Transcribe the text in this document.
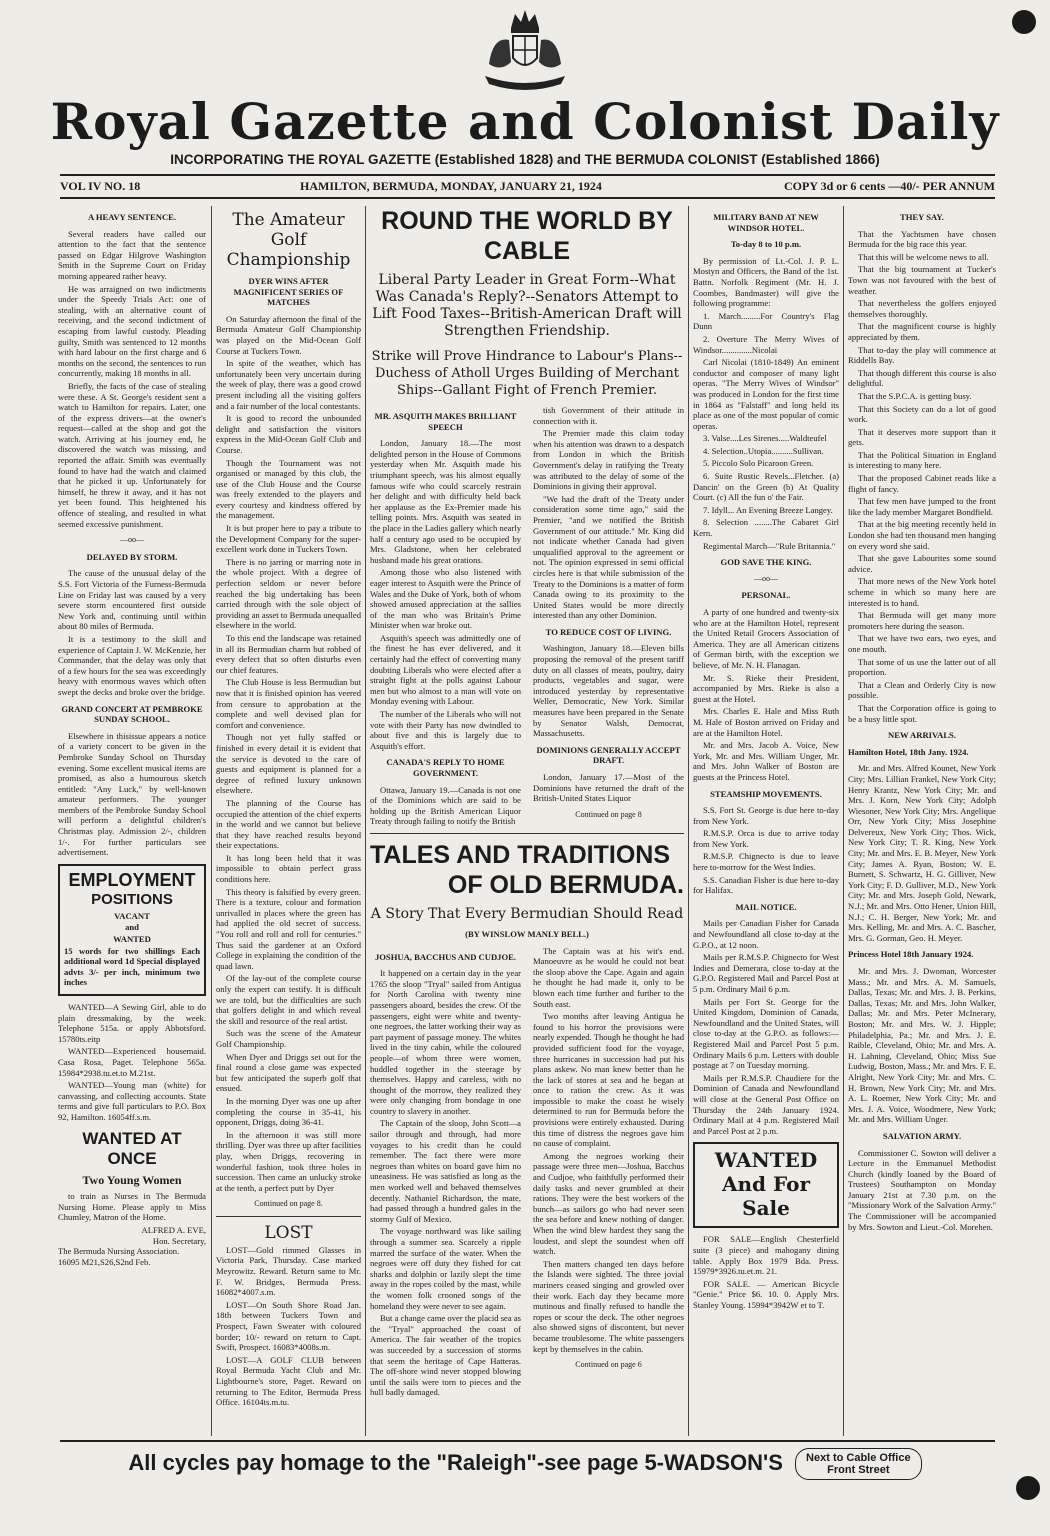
Royal Gazette and Colonist Daily
INCORPORATING THE ROYAL GAZETTE (Established 1828) and THE BERMUDA COLONIST (Established 1866)
VOL IV NO. 18	HAMILTON, BERMUDA, MONDAY, JANUARY 21, 1924	COPY 3d or 6 cents —40/- PER ANNUM
A HEAVY SENTENCE.

Several readers have called our attention to the fact that the sentence passed on Edgar Hilgrove Washington Smith in the Supreme Court on Friday morning appeared rather heavy.

He was arraigned on two indictments under the Speedy Trials Act: one of stealing, with an alternative count of receiving, and the second indictment of escaping from lawful custody. Pleading guilty, Smith was sentenced to 12 months with hard labour on the first charge and 6 months on the second, the sentences to run concurrently, making 18 months in all.

Briefly, the facts of the case of stealing were these. A St. George's resident sent a watch to Hamilton for repairs. Later, one of the express drivers—at the owner's request—called at the shop and got the watch. Arriving at his journey end, he discovered the watch was missing, and reported the affair. Smith was eventually found to have had the watch and claimed that he picked it up. Unfortunately for himself, he threw it away, and it has not yet been found. This heightened his offence of stealing, and resulted in what seemed excessive punishment.

—oo—
DELAYED BY STORM.

The cause of the unusual delay of the S.S. Fort Victoria of the Furness-Bermuda Line on Friday last was caused by a very severe storm encountered first outside New York and, continuing until within about 80 miles of Bermuda.

It is a testimony to the skill and experience of Captain J. W. McKenzie, her Commander, that the delay was only that of a few hours for the sea was exceedingly heavy with enormous waves which often swept the decks and broke over the bridge.

GRAND CONCERT AT PEMBROKE SUNDAY SCHOOL.

Elsewhere in thisissue appears a notice of a variety concert to be given in the Pembroke Sunday School on Thursday evening. Some excellent musical items are promised, as also a humourous sketch entitled: "Any Luck," by well-known amateur performers. The younger members of the Pembroke Sunday School will perform a delightful children's Christmas play. Admission 2/-, children 1/-. For further particulars see advertisement.

EMPLOYMENT
POSITIONS
VACANT
and
WANTED
15 words for two shillings Each additional word 1d Special displayed advts 3/- per inch, minimum two inches

WANTED—A Sewing Girl, able to do plain dressmaking, by the week. Telephone 515a. or apply Abbotsford. 15780ts.eitp

WANTED—Experienced housemaid. Casa Rosa, Paget. Telephone 565a. 15984*2938.tu.et.to M.21st.

WANTED—Young man (white) for canvassing, and collecting accounts. State terms and give full particulars to P.O. Box 92, Hamilton. 16054ff.s.m.

WANTED AT ONCE
Two Young Women

to train as Nurses in The Bermuda Nursing Home. Please apply to Miss Chumley, Matron of the Home.

ALFRED A. EVE,
Hon. Secretary,
The Bermuda Nursing Association.
16095 M21,S26,S2nd Feb.
The Amateur
Golf Championship
DYER WINS AFTER MAGNIFICENT SERIES OF MATCHES

On Saturday afternoon the final of the Bermuda Amateur Golf Championship was played on the Mid-Ocean Golf Course at Tuckers Town.

In spite of the weather, which has unfortunately been very uncertain during the week of play, there was a good crowd present including all the visiting golfers and a fair number of the local contestants.

It is good to record the unbounded delight and satisfaction the visitors express in the Mid-Ocean Golf Club and Course.

Though the Tournament was not organised or managed by this club, the use of the Club House and the Course was freely extended to the players and every courtesy and kindness offered by the management.

It is but proper here to pay a tribute to the Development Company for the super-excellent work done in Tuckers Town.

There is no jarring or marring note in the whole project. With a degree of perfection seldom or never before reached the big undertaking has been carried through with the sole object of providing an asset to Bermuda unequalled elsewhere in the world.

To this end the landscape was retained in all its Bermudian charm but robbed of every defect that so often disturbs even our chief features.

The Club House is less Bermudian but now that it is finished opinion has veered from censure to approbation at the complete and well devised plan for comfort and convenience.

Though not yet fully staffed or finished in every detail it is evident that the service is devoted to the care of guests and equipment is planned for a degree of refined luxury unknown elsewhere.

The planning of the Course has occupied the attention of the chief experts in the world and we cannot but believe that they have reached results beyond their expectations.

It has long been held that it was impossible to obtain perfect grass conditions here.

This theory is falsified by every green. There is a texture, colour and formation unrivalled in places where the green has had applied the old secret of success. "You roll and roll and roll for centuries." Thus said the gardener at an Oxford College in explaining the condition of the quad lawn.

Of the lay-out of the complete course only the expert can testify. It is difficult we are told, but the difficulties are such that golfers delight in and which reveal the skill and resource of the real artist.

Such was the scene of the Amateur Golf Championship.

When Dyer and Driggs set out for the final round a close game was expected but few anticipated the superb golf that ensued.

In the morning Dyer was one up after completing the course in 35-41, his opponent, Driggs, doing 36-41.

In the afternoon it was still more thrilling. Dyer was three up after facilities play, when Driggs, recovering in wonderful fashion, took three holes in succession. Then came an unlucky stroke at the tenth, a perfect putt by Dyer

Continued on page 8.
LOST

LOST—Gold rimmed Glasses in Victoria Park, Thursday. Case marked Meyrowitz. Reward. Return same to Mr. F. W. Bridges, Bermuda Press. 16082*4007.s.m.

LOST—On South Shore Road Jan. 18th between Tuckers Town and Prospect, Fawn Sweater with coloured border; 10/- reward on return to Capt. Swift, Prospect. 16083*4008s.m.

LOST—A GOLF CLUB between Royal Bermuda Yacht Club and Mr. Lightbourne's store, Paget. Reward on returning to The Editor, Bermuda Press Office. 16104ts.m.tu.

ROUND THE WORLD BY CABLE
Liberal Party Leader in Great Form--What Was Canada's Reply?--Senators Attempt to Lift Food Taxes--British-American Draft will Strengthen Friendship.
Strike will Prove Hindrance to Labour's Plans--Duchess of Atholl Urges Building of Merchant Ships--Gallant Fight of French Premier.
MR. ASQUITH MAKES BRILLIANT SPEECH

London, January 18.—The most delighted person in the House of Commons yesterday when Mr. Asquith made his triumphant speech, was his almost equally famous wife who could scarcely restrain her delight and with difficulty held back her applause as the Ex-Premier made his telling points. Mrs. Asquith was seated in the place in the Ladies gallery which nearly half a century ago used to be occupied by Mrs. Gladstone, when her celebrated husband made his great orations.

Among those who also listened with eager interest to Asquith were the Prince of Wales and the Duke of York, both of whom showed amused appreciation at the sallies of the man who was Britain's Prime Minister when war broke out.

Asquith's speech was admittedly one of the finest he has ever delivered, and it certainly had the effect of converting many doubting Liberals who were elected after a straight fight at the polls against Labour men but who almost to a man will vote on Monday evening with Labour.

The number of the Liberals who will not vote with their Party has now dwindled to about five and this is largely due to Asquith's effort.

CANADA'S REPLY TO HOME GOVERNMENT.

Ottawa, January 19.—Canada is not one of the Dominions which are said to be holding up the British American Liquor Treaty through failing to notify the British

tish Government of their attitude in connection with it.

The Premier made this claim today when his attention was drawn to a despatch from London in which the British Government's delay in ratifying the Treaty was attributed to the delay of some of the Dominions in giving their approval.

"We had the draft of the Treaty under consideration some time ago," said the Premier, "and we notified the British Government of our attitude." Mr. King did not indicate whether Canada had given unqualified approval to the agreement or not. The opinion expressed in semi official circles here is that while submission of the Treaty to the Dominions is a matter of form Canada owing to its proximity to the United States would be more directly interested than any other Dominion.

TO REDUCE COST OF LIVING.

Washington, January 18.—Eleven bills proposing the removal of the present tariff duty on all classes of meats, poultry, dairy products, vegetables and sugar, were introduced yesterday by representative Weller, Democratic, New York. Similar measures have been prepared in the Senate by Senator Walsh, Democrat, Massachusetts.

DOMINIONS GENERALLY ACCEPT DRAFT.

London, January 17.—Most of the Dominions have returned the draft of the British-United States Liquor

Continued on page 8
TALES AND TRADITIONS
OF OLD BERMUDA.
A Story That Every Bermudian Should Read
(BY WINSLOW MANLY BELL.)
JOSHUA, BACCHUS AND CUDJOE.

It happened on a certain day in the year 1765 the sloop "Tryal" sailed from Antigua for North Carolina with twenty nine passengers aboard, besides the crew. Of the passengers, eight were white and twenty-one negroes, the latter working their way as part payment of passage money. The whites lived in the tiny cabin, while the coloured people—of whom three were women, huddled together in the steerage by themselves. Happy and careless, with no thought of the morrow, they realized they were only changing from bondage in one country to slavery in another.

The Captain of the sloop, John Scott—a sailor through and through, had more voyages to his credit than he could remember. The fact there were more negroes than whites on board gave him no uneasiness. He was satisfied as long as the men worked well and behaved themselves decently. Nathaniel Richardson, the mate, had passed through a hundred gales in the stormy Gulf of Mexico.

The voyage northward was like sailing through a summer sea. Scarcely a ripple marred the surface of the water. When the negroes were off duty they fished for cat sharks and dolphin or lazily slept the time away in the ropes coiled by the mast, while the women folk crooned songs of the homeland they were never to see again.

But a change came over the placid sea as the "Tryal" approached the coast of America. The fair weather of the tropics was succeeded by a succession of storms that seem the heritage of Cape Hatteras. The off-shore wind never stopped blowing until the sails were torn to pieces and the hull badly damaged.

The Captain was at his wit's end. Manoeuvre as he would he could not beat the sloop above the Cape. Again and again he thought he had made it, only to be blown each time further and further to the South east.

Two months after leaving Antigua he found to his horror the provisions were nearly expended. Though he thought he had provided sufficient food for the voyage, three hurricanes in succession had put his plans askew. No man knew better than he the lack of stores at sea and he began at once to ration the crew. As it was impossible to make the coast he wisely determined to run for Bermuda before the provisions were entirely exhausted. During this time of distress the negroes gave him no cause of complaint.

Among the negroes working their passage were three men—Joshua, Bacchus and Cudjoe, who faithfully performed their daily tasks and never grumbled at their rations. They were the best workers of the bunch—as sailors go who had never seen the sea before and knew nothing of danger. When the wind blew hardest they sang the loudest, and slept the soundest when off watch.

Then matters changed ten days before the Islands were sighted. The three jovial mariners ceased singing and growled over their work. Each day they became more mutinous and finally refused to handle the ropes or scour the deck. The other negroes also showed signs of discontent, but never became troublesome. The white passengers kept by themselves in the cabin.

Continued on page 6
MILITARY BAND AT NEW WINDSOR HOTEL.
To-day 8 to 10 p.m.

By permission of Lt.-Col. J. P. L. Mostyn and Officers, the Band of the 1st. Battn. Norfolk Regiment (Mr. H. J. Coombes, Bandmaster) will give the following programme:

1. March.........For Country's Flag Dunn

2. Overture The Merry Wives of Windsor..............Nicolai

Carl Nicolai (1810-1849) An eminent conductor and composer of many light operas. "The Merry Wives of Windsor" was produced in London for the first time in 1864 as "Falstaff" and long held its place as one of the most popular of comic operas.

3. Valse....Les Sirenes.....Waldteufel

4. Selection..Utopia..........Sullivan.

5. Piccolo Solo Picaroon Green.

6. Suite Rustic Revels...Fletcher. (a) Dancin' on the Green (b) At Quality Court. (c) All the fun o' the Fair.

7. Idyll... An Evening Breeze Langey.

8. Selection ........The Cabaret Girl Kern.

Regimental March—"Rule Britannia."

GOD SAVE THE KING.
—oo—
PERSONAL.

A party of one hundred and twenty-six who are at the Hamilton Hotel, represent the United Retail Grocers Association of America. They are all American citizens of German birth, with the exception we believe, of Mr. N. H. Flanagan.

Mr. S. Rieke their President, accompanied by Mrs. Rieke is also a guest at the Hotel.

Mrs. Charles E. Hale and Miss Ruth M. Hale of Boston arrived on Friday and are at the Hamilton Hotel.

Mr. and Mrs. Jacob A. Voice, New York, Mr. and Mrs. William Unger, Mr. and Mrs. John Walker of Boston are guests at the Princess Hotel.

STEAMSHIP MOVEMENTS.

S.S. Fort St. George is due here to-day from New York.

R.M.S.P. Orca is due to arrive today from New York.

R.M.S.P. Chignecto is due to leave here to-morrow for the West Indies.

S.S. Canadian Fisher is due here to-day for Halifax.

MAIL NOTICE.

Mails per Canadian Fisher for Canada and Newfoundland all close to-day at the G.P.O., at 12 noon.

Mails per R.M.S.P. Chignecto for West Indies and Demerara, close to-day at the G.P.O. Registered Mail and Parcel Post at 5 p.m. Ordinary Mail 6 p.m.

Mails per Fort St. George for the United Kingdom, Dominion of Canada, Newfoundland and the United States, will close to-day at the G.P.O. as follows:— Registered Mail and Parcel Post 5 p.m. Ordinary Mails 6 p.m. Letters with double postage at 7 on Tuesday morning.

Mails per R.M.S.P. Chaudiere for the Dominion of Canada and Newfoundland will close at the General Post Office on Thursday the 24th January 1924. Ordinary Mail at 4 p.m. Registered Mail and Parcel Post at 2 p.m.

WANTED
And For Sale

FOR SALE—English Chesterfield suite (3 piece) and mahogany dining table. Apply Box 1979 Bda. Press. 15979*3926.tu.et.m. 21.

FOR SALE. — American Bicycle "Genie." Price $6. 10. 0. Apply Mrs. Stanley Young. 15994*3942W et to T.

THEY SAY.

That the Yachtsmen have chosen Bermuda for the big race this year.

That this will be welcome news to all.

That the big tournament at Tucker's Town was not favoured with the best of weather.

That nevertheless the golfers enjoyed themselves thoroughly.

That the magnificent course is highly appreciated by them.

That to-day the play will commence at Riddells Bay.

That though different this course is also delightful.

That the S.P.C.A. is getting busy.

That this Society can do a lot of good work.

That it deserves more support than it gets.

That the Political Situation in England is interesting to many here.

That the proposed Cabinet reads like a flight of fancy.

That few men have jumped to the front like the lady member Margaret Bondfield.

That at the big meeting recently held in London she had ten thousand men hanging on every word she said.

That she gave Labourites some sound advice.

That more news of the New York hotel scheme in which so many here are interested is to hand.

That Bermuda will get many more promoters here during the season.

That we have two ears, two eyes, and one mouth.

That some of us use the latter out of all proportion.

That a Clean and Orderly City is now possible.

That the Corporation office is going to be a busy little spot.

NEW ARRIVALS.
Hamilton Hotel, 18th Jany. 1924.

Mr. and Mrs. Alfred Kounet, New York City; Mrs. Lillian Frankel, New York City; Henry Krantz, New York City; Mr. and Mrs. J. Korn, New York City; Adolph Wiesoner, New York City; Mrs. Angelique Orr, New York City; Miss Josephine Delvereux, New York City; Thos. Wick, New York City; T. R. King, New York City; Mr. and Mrs. E. B. Meyer, New York City; James A. Ryan, Boston; W. E. Burnett, S. Schwartz, H. G. Gilliver, New York City; F. D. Gulliver, M.D., New York City; Mr. and Mrs. Joseph Gold, Newark, N.J.; Mr. and Mrs. Otto Hener, Union Hill, N.J.; C. H. Berger, New York; Mr. and Mrs. Kelling, Mr. and Mrs. A. C. Bascher, Mrs. G. Gorman, Geo. H. Meyer.

Princess Hotel 18th January 1924.

Mr. and Mrs. J. Dwoman, Worcester Mass.; Mr. and Mrs. A. M. Samuels, Dallas, Texas; Mr. and Mrs. J. B. Perkins, Dallas, Texas; Mr. and Mrs. John Walker, Dallas; Mr. and Mrs. Peter McInerary, Boston; Mr. and Mrs. W. J. Hipple; Philadelphia, Pa.; Mr. and Mrs. J. E. Raible, Cleveland, Ohio; Mr. and Mrs. A. H. Lahning, Cleveland, Ohio; Miss Sue Ludwig, Boston, Mass.; Mr. and Mrs. F. E. Alright, New York City; Mr. and Mrs. C. H. Brown, New York City; Mr. and Mrs. A. L. Roemer, New York City; Mr. and Mrs. J. A. Voice, Woodmere, New York; Mr. and Mrs. William Unger.

SALVATION ARMY.

Commissioner C. Sowton will deliver a Lecture in the Emmanuel Methodist Church (kindly loaned by the Board of Trustees) Southampton on Monday January 21st at 7.30 p.m. on the "Missionary Work of the Salvation Army." The Commissioner will be accompanied by Mrs. Sowton and Lieut.-Col. Morehen.

All cycles pay homage to the "Raleigh"-see page 5-WADSON'S Next to Cable Office
Front Street
